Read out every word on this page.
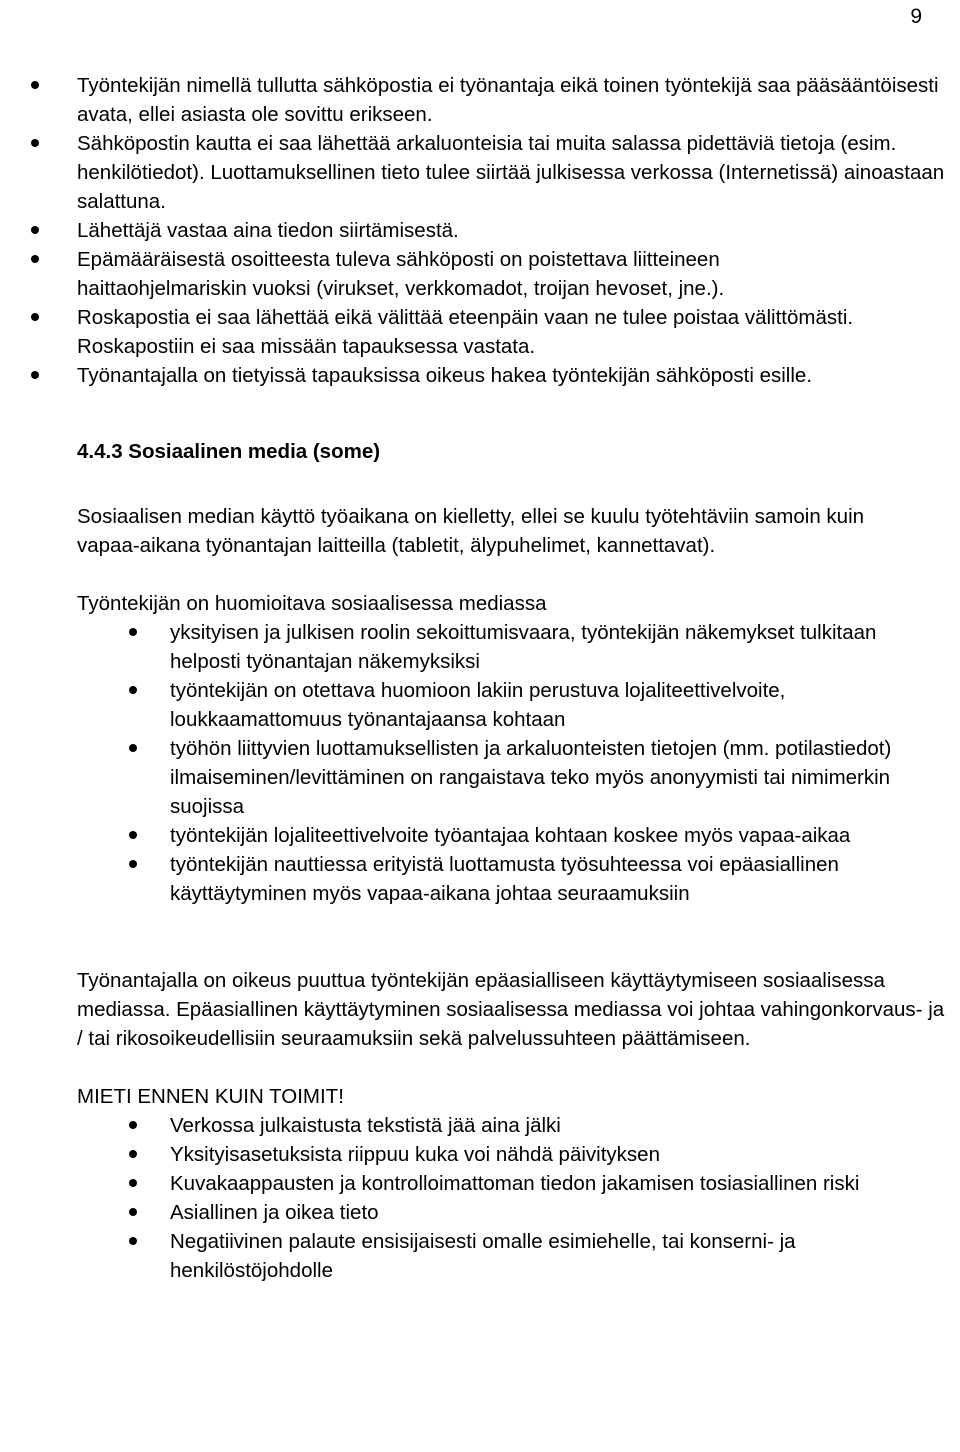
9
Työntekijän nimellä tullutta sähköpostia ei työnantaja eikä toinen työntekijä saa pääsääntöisesti avata, ellei asiasta ole sovittu erikseen.
Sähköpostin kautta ei saa lähettää arkaluonteisia tai muita salassa pidettäviä tietoja (esim. henkilötiedot). Luottamuksellinen tieto tulee siirtää julkisessa verkossa (Internetissä) ainoastaan salattuna.
Lähettäjä vastaa aina tiedon siirtämisestä.
Epämääräisestä osoitteesta tuleva sähköposti on poistettava liitteineen haittaohjelmariskin vuoksi (virukset, verkkomadot, troijan hevoset, jne.).
Roskapostia ei saa lähettää eikä välittää eteenpäin vaan ne tulee poistaa välittömästi. Roskapostiin ei saa missään tapauksessa vastata.
Työnantajalla on tietyissä tapauksissa oikeus hakea työntekijän sähköposti esille.
4.4.3 Sosiaalinen media (some)

Sosiaalisen median käyttö työaikana on kielletty, ellei se kuulu työtehtäviin samoin kuin vapaa-aikana työnantajan laitteilla (tabletit, älypuhelimet, kannettavat).

Työntekijän on huomioitava sosiaalisessa mediassa

yksityisen ja julkisen roolin sekoittumisvaara, työntekijän näkemykset tulkitaan helposti työnantajan näkemyksiksi
työntekijän on otettava huomioon lakiin perustuva lojaliteettivelvoite, loukkaamattomuus työnantajaansa kohtaan
työhön liittyvien luottamuksellisten ja arkaluonteisten tietojen (mm. potilastiedot) ilmaiseminen/levittäminen on rangaistava teko myös anonyymisti tai nimimerkin suojissa
työntekijän lojaliteettivelvoite työantajaa kohtaan koskee myös vapaa-aikaa
työntekijän nauttiessa erityistä luottamusta työsuhteessa voi epäasiallinen käyttäytyminen myös vapaa-aikana johtaa seuraamuksiin

Työnantajalla on oikeus puuttua työntekijän epäasialliseen käyttäytymiseen sosiaalisessa mediassa. Epäasiallinen käyttäytyminen sosiaalisessa mediassa voi johtaa vahingonkorvaus- ja / tai rikosoikeudellisiin seuraamuksiin sekä palvelussuhteen päättämiseen.

MIETI ENNEN KUIN TOIMIT!

Verkossa julkaistusta tekstistä jää aina jälki
Yksityisasetuksista riippuu kuka voi nähdä päivityksen
Kuvakaappausten ja kontrolloimattoman tiedon jakamisen tosiasiallinen riski
Asiallinen ja oikea tieto
Negatiivinen palaute ensisijaisesti omalle esimiehelle, tai konserni- ja henkilöstöjohdolle
